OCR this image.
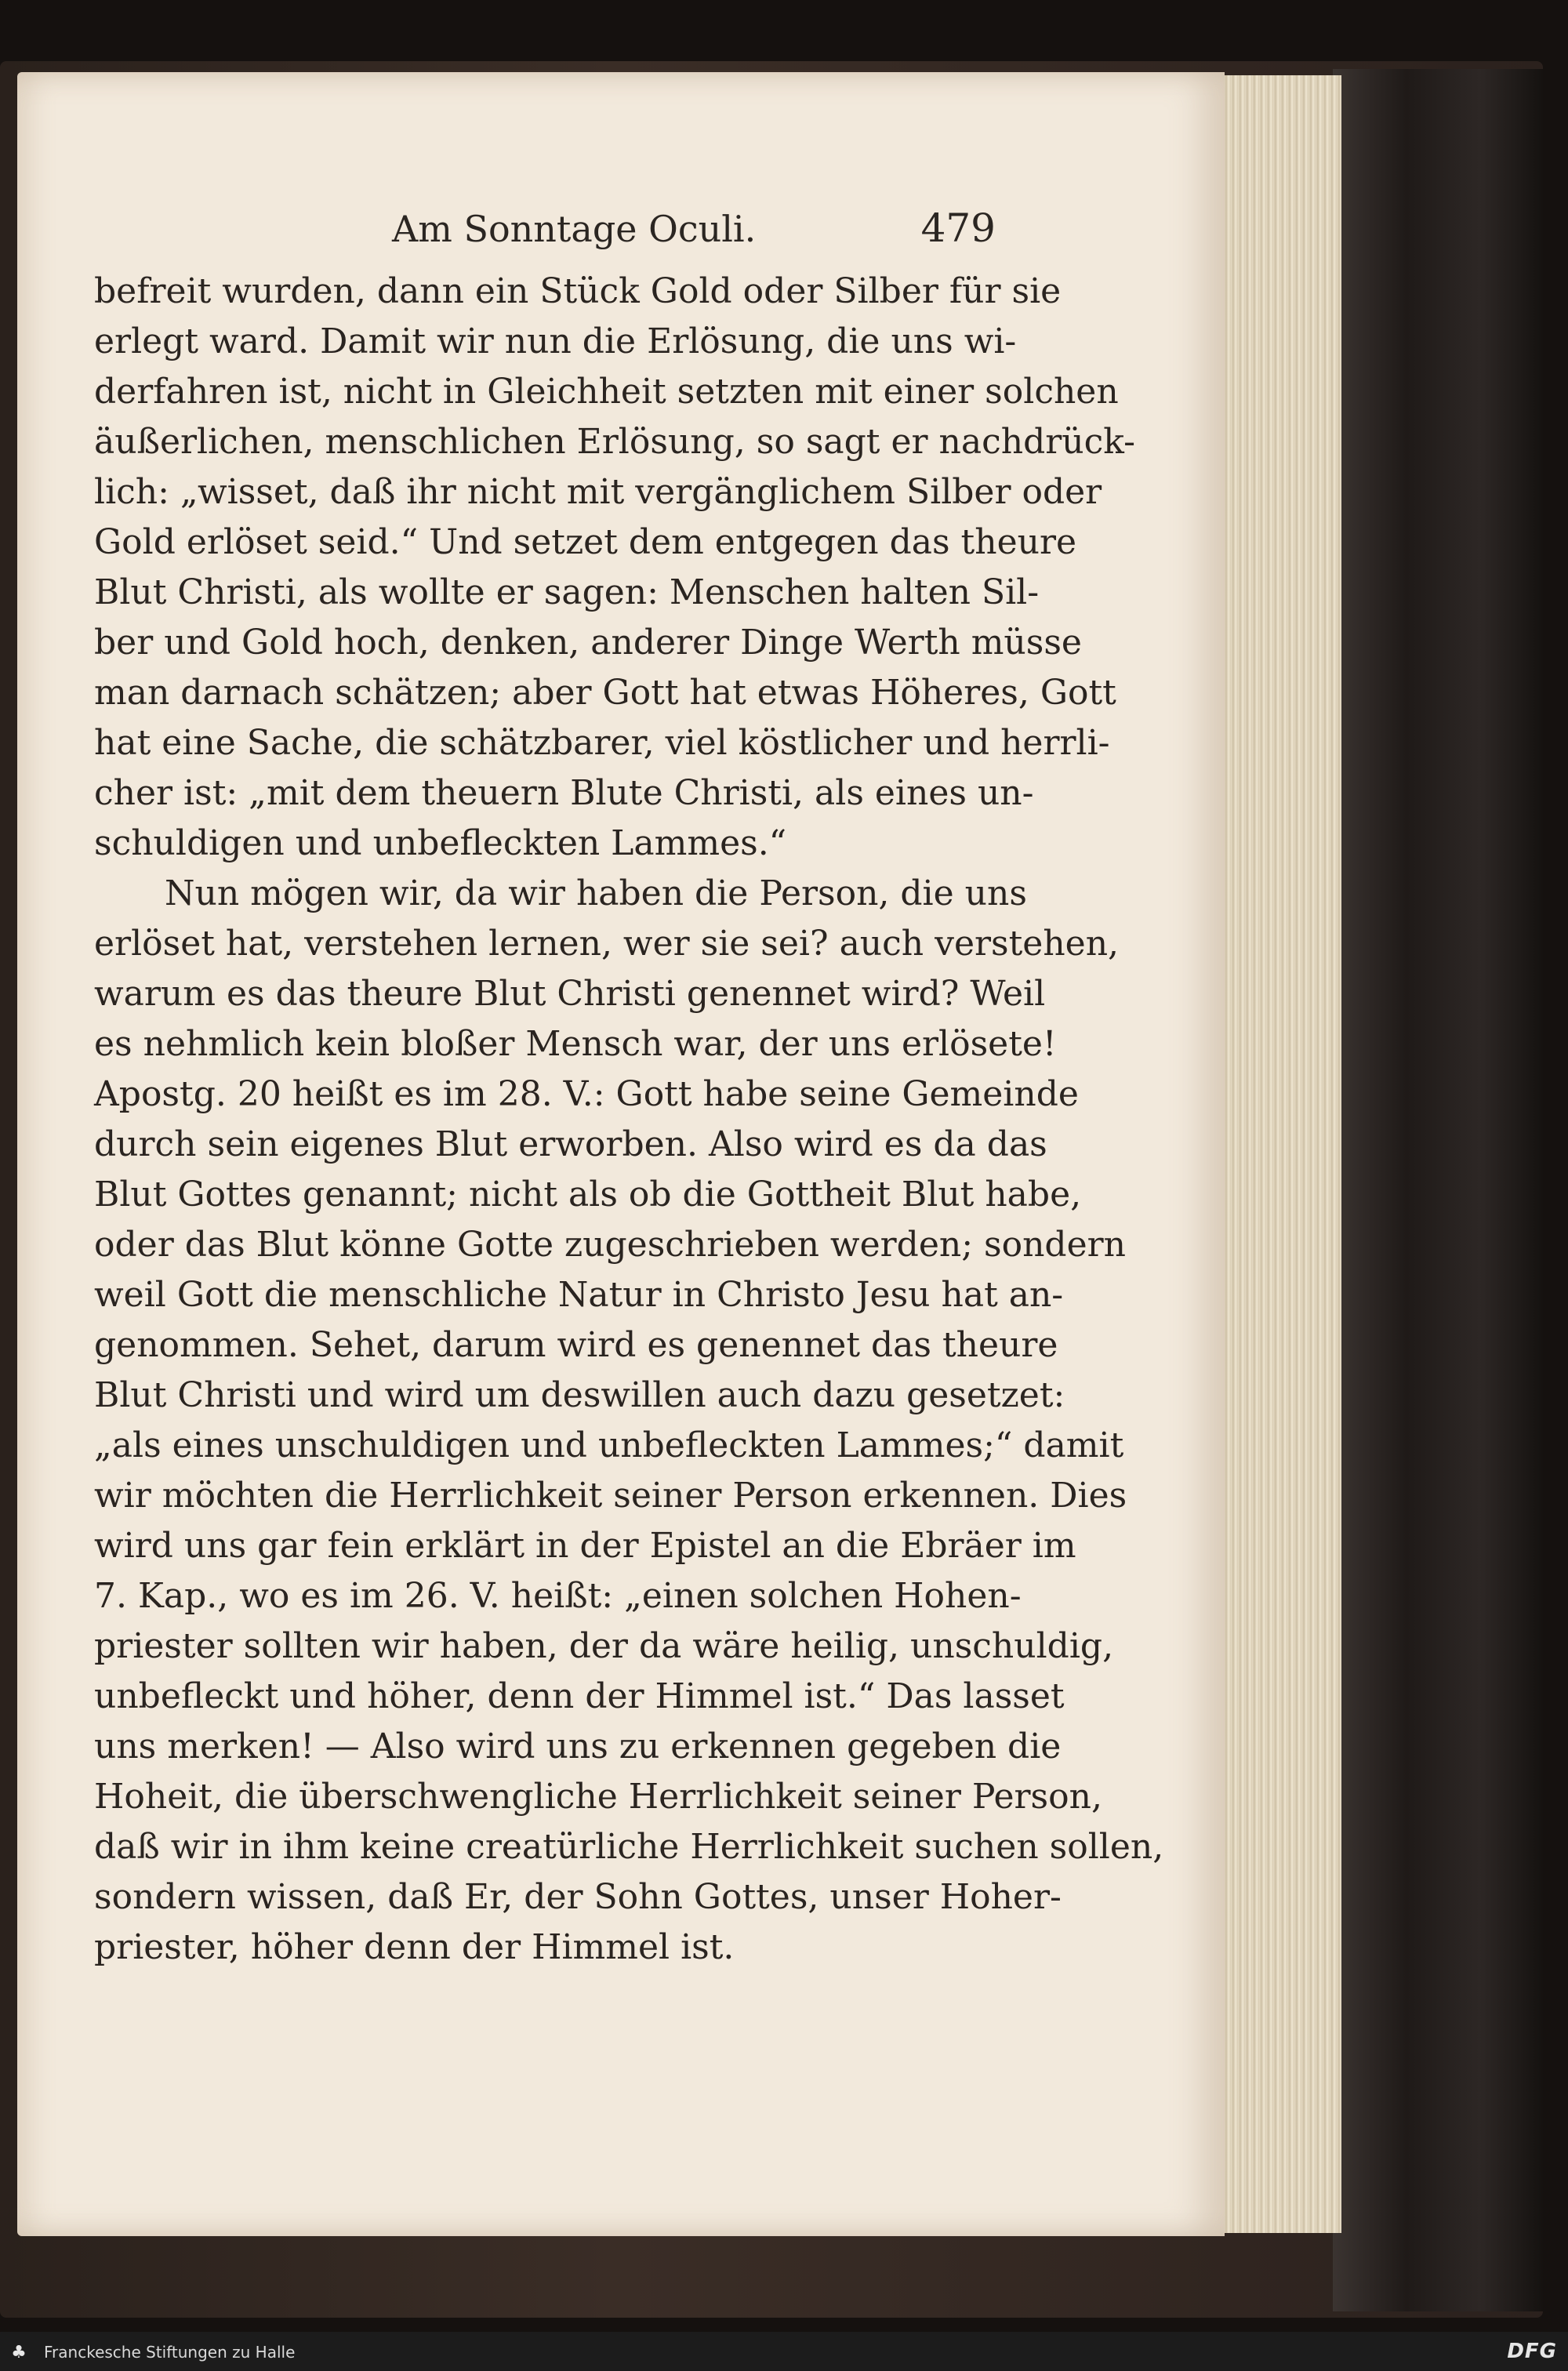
Am Sonntage Oculi.	479
befreit wurden, dann ein Stück Gold oder Silber für sie
erlegt ward. Damit wir nun die Erlösung, die uns wi-
derfahren ist, nicht in Gleichheit setzten mit einer solchen
äußerlichen, menschlichen Erlösung, so sagt er nachdrück-
lich: „wisset, daß ihr nicht mit vergänglichem Silber oder
Gold erlöset seid.“ Und setzet dem entgegen das theure
Blut Christi, als wollte er sagen: Menschen halten Sil-
ber und Gold hoch, denken, anderer Dinge Werth müsse
man darnach schätzen; aber Gott hat etwas Höheres, Gott
hat eine Sache, die schätzbarer, viel köstlicher und herrli-
cher ist: „mit dem theuern Blute Christi, als eines un-
schuldigen und unbefleckten Lammes.“
Nun mögen wir, da wir haben die Person, die uns
erlöset hat, verstehen lernen, wer sie sei? auch verstehen,
warum es das theure Blut Christi genennet wird? Weil
es nehmlich kein bloßer Mensch war, der uns erlösete!
Apostg. 20 heißt es im 28. V.: Gott habe seine Gemeinde
durch sein eigenes Blut erworben. Also wird es da das
Blut Gottes genannt; nicht als ob die Gottheit Blut habe,
oder das Blut könne Gotte zugeschrieben werden; sondern
weil Gott die menschliche Natur in Christo Jesu hat an-
genommen. Sehet, darum wird es genennet das theure
Blut Christi und wird um deswillen auch dazu gesetzet:
„als eines unschuldigen und unbefleckten Lammes;“ damit
wir möchten die Herrlichkeit seiner Person erkennen. Dies
wird uns gar fein erklärt in der Epistel an die Ebräer im
7. Kap., wo es im 26. V. heißt: „einen solchen Hohen-
priester sollten wir haben, der da wäre heilig, unschuldig,
unbefleckt und höher, denn der Himmel ist.“ Das lasset
uns merken! — Also wird uns zu erkennen gegeben die
Hoheit, die überschwengliche Herrlichkeit seiner Person,
daß wir in ihm keine creatürliche Herrlichkeit suchen sollen,
sondern wissen, daß Er, der Sohn Gottes, unser Hoher-
priester, höher denn der Himmel ist.
♣ Franckesche Stiftungen zu Halle	DFG
